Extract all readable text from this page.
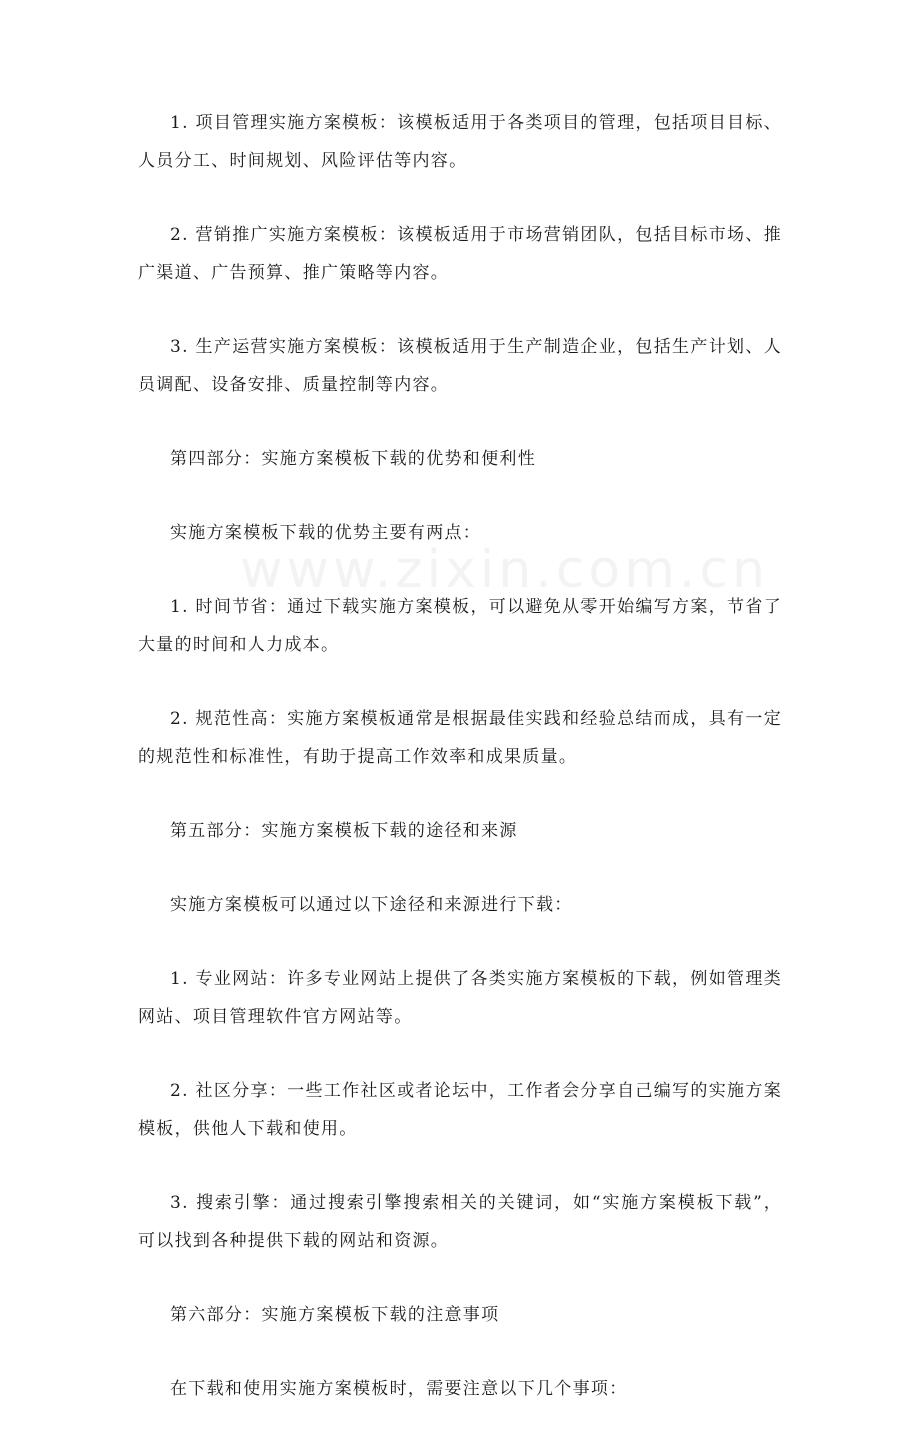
1. 项目管理实施方案模板：该模板适用于各类项目的管理，包括项目目标、人员分工、时间规划、风险评估等内容。

2. 营销推广实施方案模板：该模板适用于市场营销团队，包括目标市场、推广渠道、广告预算、推广策略等内容。

3. 生产运营实施方案模板：该模板适用于生产制造企业，包括生产计划、人员调配、设备安排、质量控制等内容。

第四部分：实施方案模板下载的优势和便利性

实施方案模板下载的优势主要有两点：

1. 时间节省：通过下载实施方案模板，可以避免从零开始编写方案，节省了大量的时间和人力成本。

2. 规范性高：实施方案模板通常是根据最佳实践和经验总结而成，具有一定的规范性和标准性，有助于提高工作效率和成果质量。

第五部分：实施方案模板下载的途径和来源

实施方案模板可以通过以下途径和来源进行下载：

1. 专业网站：许多专业网站上提供了各类实施方案模板的下载，例如管理类网站、项目管理软件官方网站等。

2. 社区分享：一些工作社区或者论坛中，工作者会分享自己编写的实施方案模板，供他人下载和使用。

3. 搜索引擎：通过搜索引擎搜索相关的关键词，如“实施方案模板下载”，可以找到各种提供下载的网站和资源。

第六部分：实施方案模板下载的注意事项

在下载和使用实施方案模板时，需要注意以下几个事项：

www.zixin.com.cn
